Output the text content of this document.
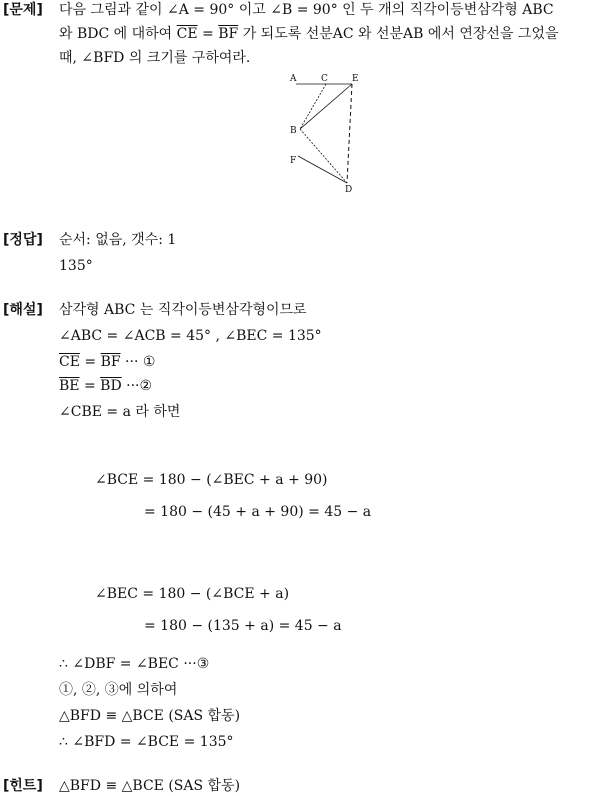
[문제] 다음 그림과 같이 ∠A = 90° 이고 ∠B = 90° 인 두 개의 직각이등변삼각형 ABC
와 BDC 에 대하여 $\overline{CE} = \overline{BF}$ 가 되도록 선분AC 와 선분AB 에서 연장선을 그었을
때, ∠BFD 의 크기를 구하여라.
A	C	E
B
F
D
[정답] 순서: 없음, 갯수: 1
135°
[해설] 삼각형 ABC 는 직각이등변삼각형이므로
∠ABC = ∠ACB = 45° , ∠BEC = 135°
$\overline{CE} = \overline{BF}$ ··· ①
$\overline{BE} = \overline{BD}$ ···②
∠CBE = a 라 하면
∠BCE = 180 − (∠BEC + a + 90)
= 180 − (45 + a + 90) = 45 − a
∠BEC = 180 − (∠BCE + a)
= 180 − (135 + a) = 45 − a
∴ ∠DBF = ∠BEC ···③
①, ②, ③에 의하여
△BFD ≡ △BCE (SAS 합동)
∴ ∠BFD = ∠BCE = 135°
[힌트] △BFD ≡ △BCE (SAS 합동)
